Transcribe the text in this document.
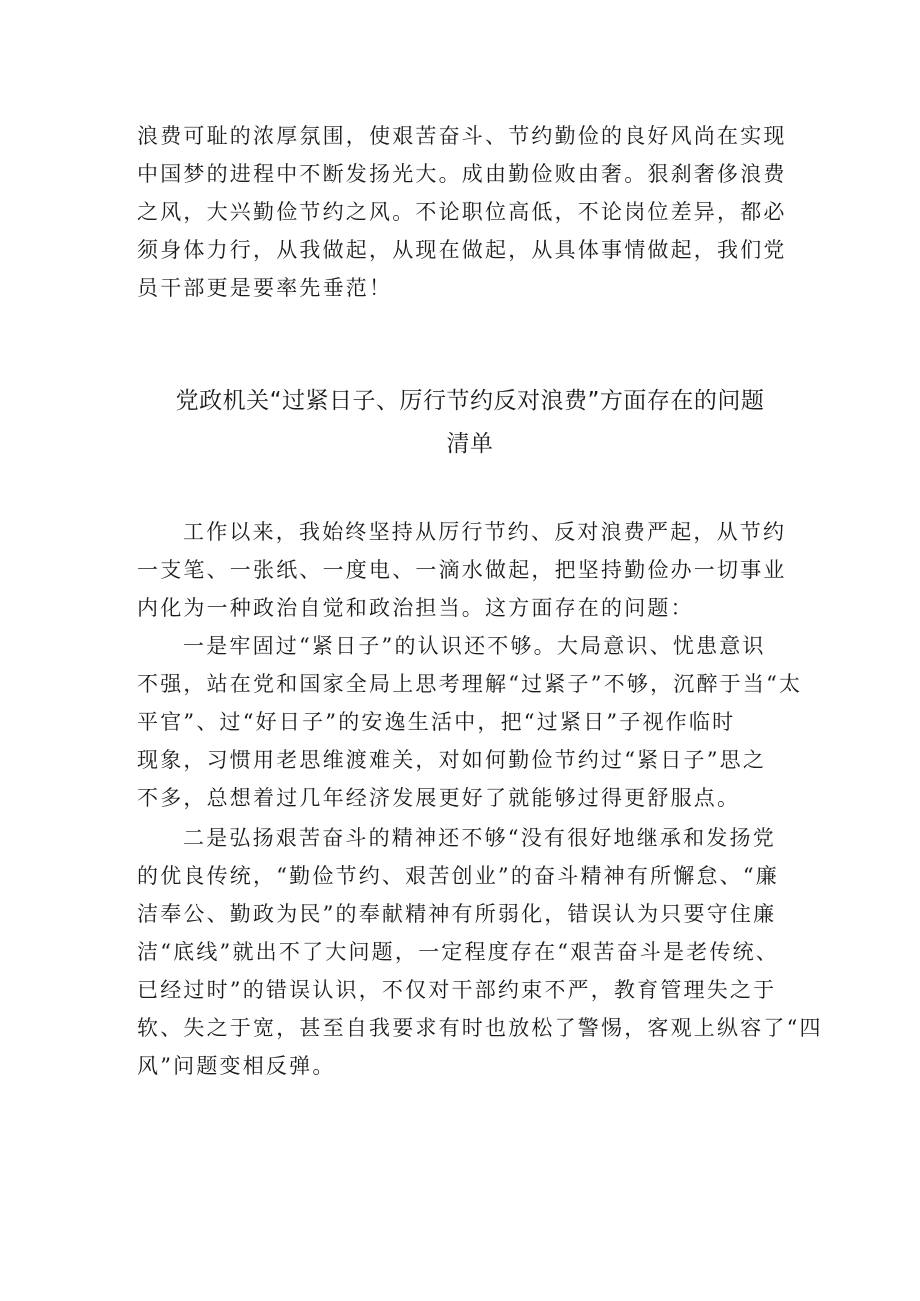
浪费可耻的浓厚氛围，使艰苦奋斗、节约勤俭的良好风尚在实现
中国梦的进程中不断发扬光大。成由勤俭败由奢。狠刹奢侈浪费
之风，大兴勤俭节约之风。不论职位高低，不论岗位差异，都必
须身体力行，从我做起，从现在做起，从具体事情做起，我们党
员干部更是要率先垂范！
党政机关“过紧日子、厉行节约反对浪费”方面存在的问题
清单
工作以来，我始终坚持从厉行节约、反对浪费严起，从节约
一支笔、一张纸、一度电、一滴水做起，把坚持勤俭办一切事业
内化为一种政治自觉和政治担当。这方面存在的问题：
一是牢固过“紧日子”的认识还不够。大局意识、忧患意识
不强，站在党和国家全局上思考理解“过紧子”不够，沉醉于当“太
平官”、过“好日子”的安逸生活中，把“过紧日”子视作临时
现象，习惯用老思维渡难关，对如何勤俭节约过“紧日子”思之
不多，总想着过几年经济发展更好了就能够过得更舒服点。
二是弘扬艰苦奋斗的精神还不够“没有很好地继承和发扬党
的优良传统，“勤俭节约、艰苦创业”的奋斗精神有所懈怠、“廉
洁奉公、勤政为民”的奉献精神有所弱化，错误认为只要守住廉
洁“底线”就出不了大问题，一定程度存在“艰苦奋斗是老传统、
已经过时”的错误认识，不仅对干部约束不严，教育管理失之于
软、失之于宽，甚至自我要求有时也放松了警惕，客观上纵容了“四
风”问题变相反弹。
